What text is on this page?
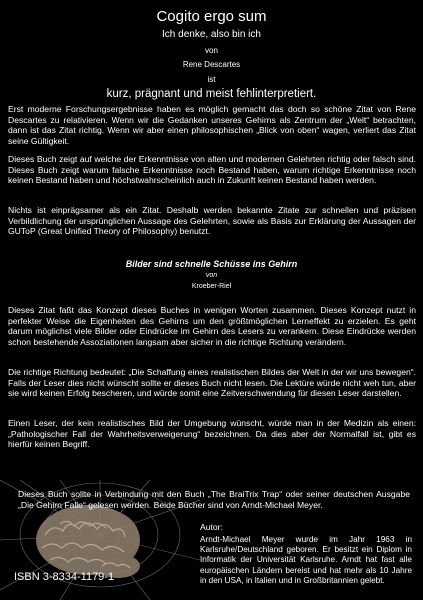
Cogito ergo sum
Ich denke, also bin ich
von
Rene Descartes
ist
kurz, prägnant und meist fehlinterpretiert.
Erst moderne Forschungsergebnisse haben es möglich gemacht das doch so schöne Zitat von Rene Descartes zu relativieren. Wenn wir die Gedanken unseres Gehirns als Zentrum der „Welt“ betrachten, dann ist das Zitat richtig. Wenn wir aber einen philosophischen „Blick von oben“ wagen, verliert das Zitat seine Gültigkeit.
Dieses Buch zeigt auf welche der Erkenntnisse von alten und modernen Gelehrten richtig oder falsch sind. Dieses Buch zeigt warum falsche Erkenntnisse noch Bestand haben, warum richtige Erkenntnisse noch keinen Bestand haben und höchstwahrscheinlich auch in Zukunft keinen Bestand haben werden.
Nichts ist einprägsamer als ein Zitat. Deshalb werden bekannte Zitate zur schnellen und präzisen Verbildlichung der ursprünglichen Aussage des Gelehrten, sowie als Basis zur Erklärung der Aussagen der GUToP (Great Unified Theory of Philosophy) benutzt.
Bilder sind schnelle Schüsse ins Gehirn
von
Kroeber-Riel
Dieses Zitat faßt das Konzept dieses Buches in wenigen Worten zusammen. Dieses Konzept nutzt in perfekter Weise die Eigenheiten des Gehirns um den größtmöglichen Lerneffekt zu erzielen. Es geht darum möglichst viele Bilder oder Eindrücke im Gehirn des Lesers zu verankern. Diese Eindrücke werden schon bestehende Assoziationen langsam aber sicher in die richtige Richtung verändern.
Die richtige Richtung bedeutet: „Die Schaffung eines realistischen Bildes der Welt in der wir uns bewegen“. Falls der Leser dies nicht wünscht sollte er dieses Buch nicht lesen. Die Lektüre würde nicht weh tun, aber sie wird keinen Erfolg bescheren, und würde somit eine Zeitverschwendung für diesen Leser darstellen.
Einen Leser, der kein realistisches Bild der Umgebung wünscht, würde man in der Medizin als einen: „Pathologischer Fall der Wahrheitsverweigerung“ bezeichnen. Da dies aber der Normalfall ist, gibt es hierfür keinen Begriff.
Dieses Buch sollte in Verbindung mit den Buch „The BraiTrix Trap“ oder seiner deutschen Ausgabe „Die Gehirn Falle“ gelesen werden. Beide Bücher sind von Arndt-Michael Meyer.
Autor:
Arndt-Michael Meyer wurde im Jahr 1963 in Karlsruhe/Deutschland geboren. Er besitzt ein Diplom in Informatik der Universität Karlsruhe. Arndt hat fast alle europäischen Ländern bereist und hat mehr als 10 Jahre in den USA, in Italien und in Großbritannien gelebt.
ISBN 3-8334-1179-1
